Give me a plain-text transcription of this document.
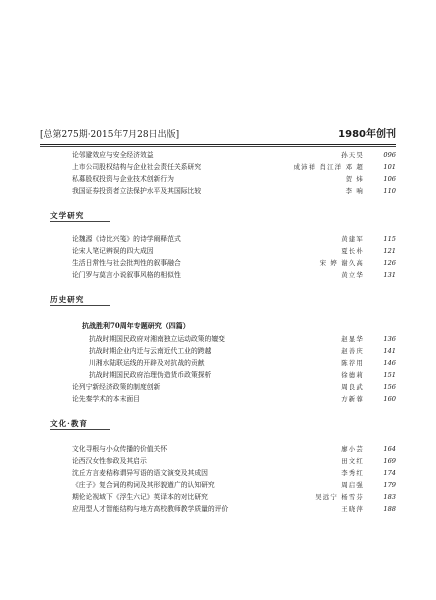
[总第275期·2015年7月28日出版]	1980年创刊
论邻避效应与安全经济效益	孙天昊	096
上市公司股权结构与企业社会责任关系研究	成沛祥 肖江洋 邓 超	101
私募股权投资与企业技术创新行为	贺 炜	106
我国证券投资者立法保护水平及其国际比较	李 响	110
文学研究
论魏源《诗比兴笺》的诗学阐释范式	黄建军	115
论宋人笔记辨误的四大成因	夏长朴	121
生活日常性与社会批判性的叙事融合	宋 婷 谢久高	126
论门罗与莫言小说叙事风格的相似性	黄立华	131
历史研究
抗战胜利70周年专题研究（四篇）
抗战时期国民政府对湘南独立运动政策的嬗变	赵显华	136
抗战时期企业内迁与云南近代工业的跨越	赵善庆	141
川湘水陆联运线的开辟及对抗战的贡献	陈荐用	146
抗战时期国民政府治理伪造货币政策探析	徐德莉	151
论列宁新经济政策的制度创新	周良武	156
论先秦学术的本末面目	方新蓉	160
文化·教育
文化寻根与小众传播的价值关怀	廖小芸	164
论西汉女性参政及其启示	田文红	169
沈丘方言麦秸称谓异写语的语文演变及其成因	李秀红	174
《庄子》复合词的构词及其形貌遒广的认知研究	周启强	179
期伦论视域下《浮生六记》英译本的对比研究	吴远宁 杨雪芬	183
应用型人才智能结构与地方高校教师教学质量的评价	王晓萍	188
